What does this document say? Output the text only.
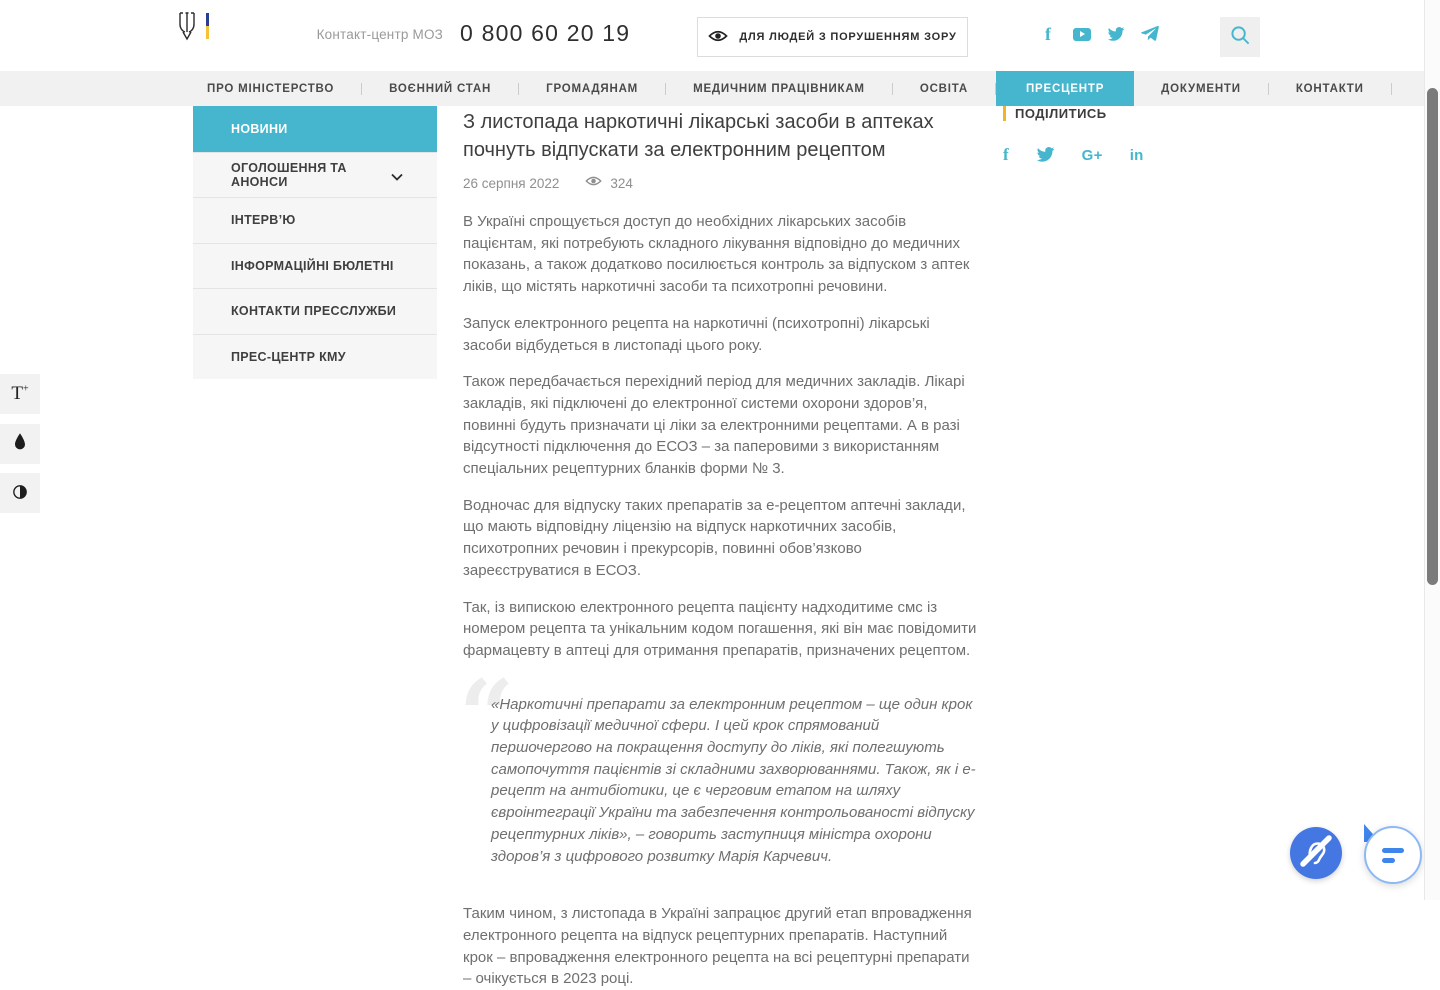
Контакт-центр МОЗ 0 800 60 20 19	ДЛЯ ЛЮДЕЙ З ПОРУШЕННЯМ ЗОРУ	f
ПРО МІНІСТЕРСТВО	ВОЄННИЙ СТАН	ГРОМАДЯНАМ	МЕДИЧНИМ ПРАЦІВНИКАМ	ОСВІТА	ПРЕСЦЕНТР	ДОКУМЕНТИ	КОНТАКТИ
НОВИНИ
ОГОЛОШЕННЯ ТА АНОНСИ
ІНТЕРВ’Ю
ІНФОРМАЦІЙНІ БЮЛЕТНІ
КОНТАКТИ ПРЕССЛУЖБИ
ПРЕС-ЦЕНТР КМУ
З листопада наркотичні лікарські засоби в аптеках почнуть відпускати за електронним рецептом
26 серпня 2022	324

В Україні спрощується доступ до необхідних лікарських засобів пацієнтам, які потребують складного лікування відповідно до медичних показань, а також додатково посилюється контроль за відпуском з аптек ліків, що містять наркотичні засоби та психотропні речовини.

Запуск електронного рецепта на наркотичні (психотропні) лікарські засоби відбудеться в листопаді цього року.

Також передбачається перехідний період для медичних закладів. Лікарі закладів, які підключені до електронної системи охорони здоров’я, повинні будуть призначати ці ліки за електронними рецептами. А в разі відсутності підключення до ЕСОЗ – за паперовими з використанням спеціальних рецептурних бланків форми № 3.

Водночас для відпуску таких препаратів за е-рецептом аптечні заклади, що мають відповідну ліцензію на відпуск наркотичних засобів, психотропних речовин і прекурсорів, повинні обов’язково зареєструватися в ЕСОЗ.

Так, із випискою електронного рецепта пацієнту надходитиме смс із номером рецепта та унікальним кодом погашення, які він має повідомити фармацевту в аптеці для отримання препаратів, призначених рецептом.

“
«Наркотичні препарати за електронним рецептом – ще один крок у цифровізації медичної сфери. І цей крок спрямований першочергово на покращення доступу до ліків, які полегшують самопочуття пацієнтів зі складними захворюваннями. Також, як і е-рецепт на антибіотики, це є черговим етапом на шляху євроінтеграції України та забезпечення контрольованості відпуску рецептурних ліків», – говорить заступниця міністра охорони здоров’я з цифрового розвитку Марія Карчевич.

Таким чином, з листопада в Україні запрацює другий етап впровадження електронного рецепта на відпуск рецептурних препаратів. Наступний крок – впровадження електронного рецепта на всі рецептурні препарати – очікується в 2023 році.

ПОДІЛИТИСЬ
f	G+ in
T+
